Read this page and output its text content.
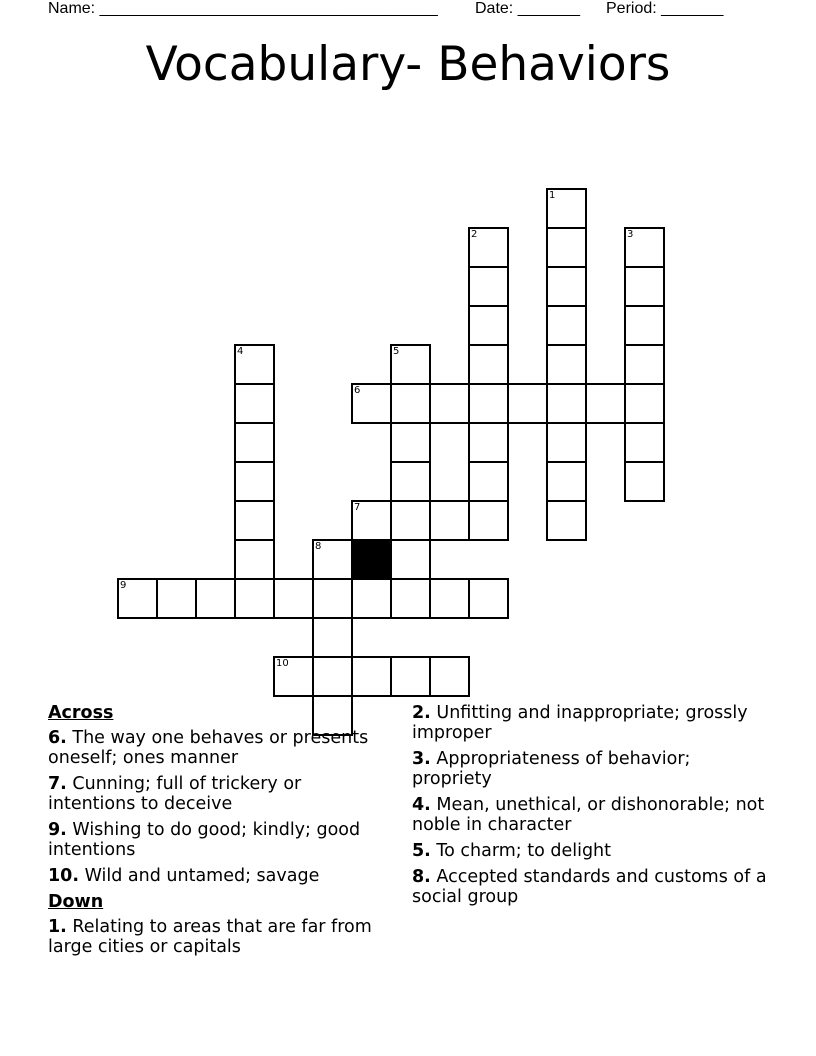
Name: ______________________________________ Date: _______ Period: _______
Vocabulary- Behaviors
1
2	3
4	5
6
7
8
9
10
Across
6. The way one behaves or presents oneself; ones manner
7. Cunning; full of trickery or intentions to deceive
9. Wishing to do good; kindly; good intentions
10. Wild and untamed; savage
Down
1. Relating to areas that are far from large cities or capitals
2. Unfitting and inappropriate; grossly improper
3. Appropriateness of behavior; propriety
4. Mean, unethical, or dishonorable; not noble in character
5. To charm; to delight
8. Accepted standards and customs of a social group
